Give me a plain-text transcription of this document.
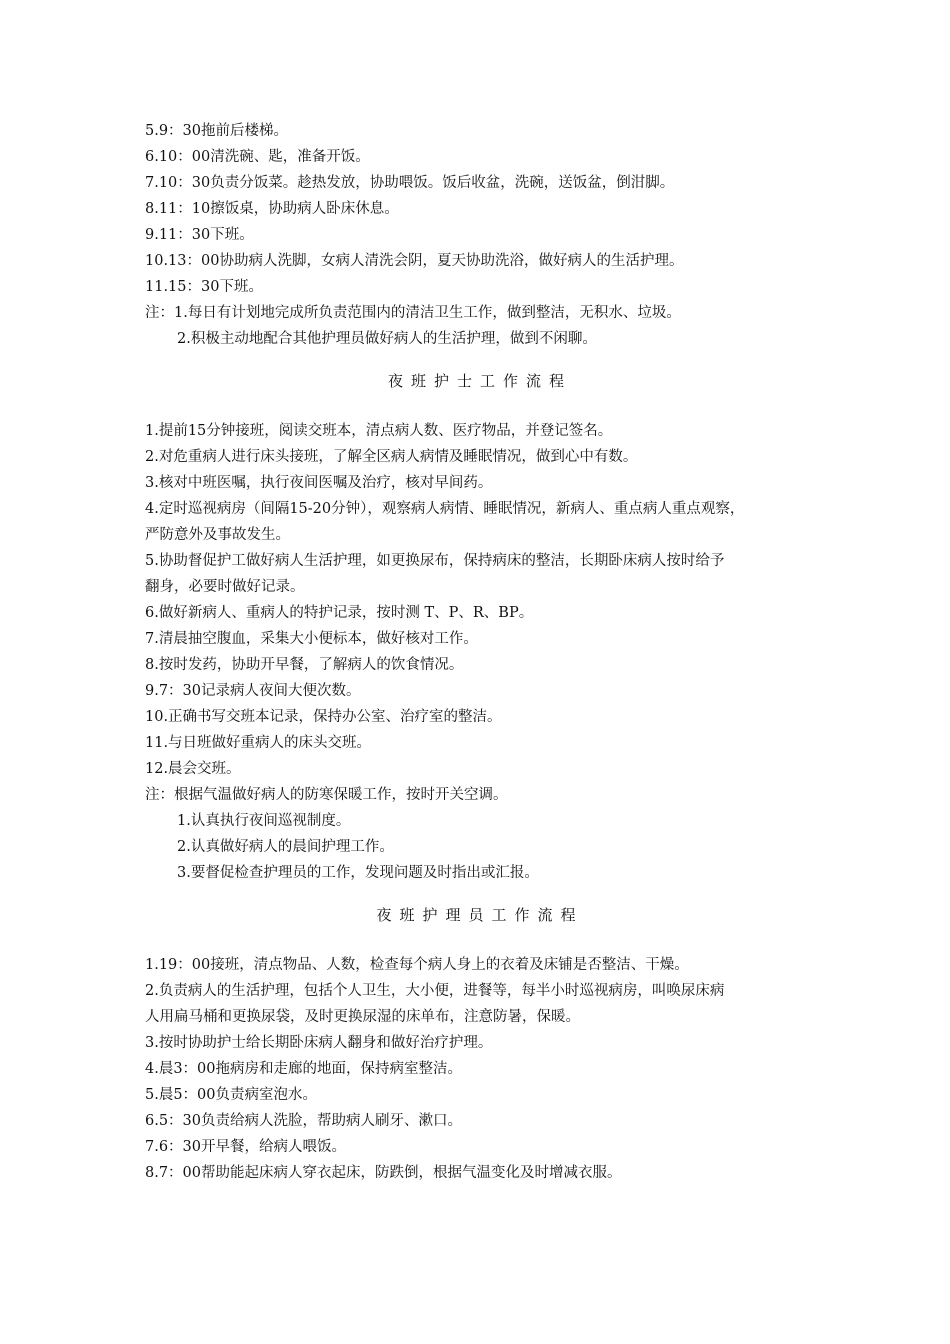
5.9：30拖前后楼梯。
6.10：00清洗碗、匙，准备开饭。
7.10：30负责分饭菜。趁热发放，协助喂饭。饭后收盆，洗碗，送饭盆，倒泔脚。
8.11：10擦饭桌，协助病人卧床休息。
9.11：30下班。
10.13：00协助病人洗脚，女病人清洗会阴，夏天协助洗浴，做好病人的生活护理。
11.15：30下班。
注：1.每日有计划地完成所负责范围内的清洁卫生工作，做到整洁，无积水、垃圾。
2.积极主动地配合其他护理员做好病人的生活护理，做到不闲聊。
夜班护士工作流程
1.提前15分钟接班，阅读交班本，清点病人数、医疗物品，并登记签名。
2.对危重病人进行床头接班，了解全区病人病情及睡眠情况，做到心中有数。
3.核对中班医嘱，执行夜间医嘱及治疗，核对早间药。
4.定时巡视病房（间隔15-20分钟），观察病人病情、睡眠情况，新病人、重点病人重点观察，
严防意外及事故发生。
5.协助督促护工做好病人生活护理，如更换尿布，保持病床的整洁，长期卧床病人按时给予
翻身，必要时做好记录。
6.做好新病人、重病人的特护记录，按时测 T、P、R、BP。
7.清晨抽空腹血，采集大小便标本，做好核对工作。
8.按时发药，协助开早餐，了解病人的饮食情况。
9.7：30记录病人夜间大便次数。
10.正确书写交班本记录，保持办公室、治疗室的整洁。
11.与日班做好重病人的床头交班。
12.晨会交班。
注：根据气温做好病人的防寒保暖工作，按时开关空调。
1.认真执行夜间巡视制度。
2.认真做好病人的晨间护理工作。
3.要督促检查护理员的工作，发现问题及时指出或汇报。
夜班护理员工作流程
1.19：00接班，清点物品、人数，检查每个病人身上的衣着及床铺是否整洁、干燥。
2.负责病人的生活护理，包括个人卫生，大小便，进餐等，每半小时巡视病房，叫唤尿床病
人用扁马桶和更换尿袋，及时更换尿湿的床单布，注意防暑，保暖。
3.按时协助护士给长期卧床病人翻身和做好治疗护理。
4.晨3：00拖病房和走廊的地面，保持病室整洁。
5.晨5：00负责病室泡水。
6.5：30负责给病人洗脸，帮助病人刷牙、漱口。
7.6：30开早餐，给病人喂饭。
8.7：00帮助能起床病人穿衣起床，防跌倒，根据气温变化及时增减衣服。
